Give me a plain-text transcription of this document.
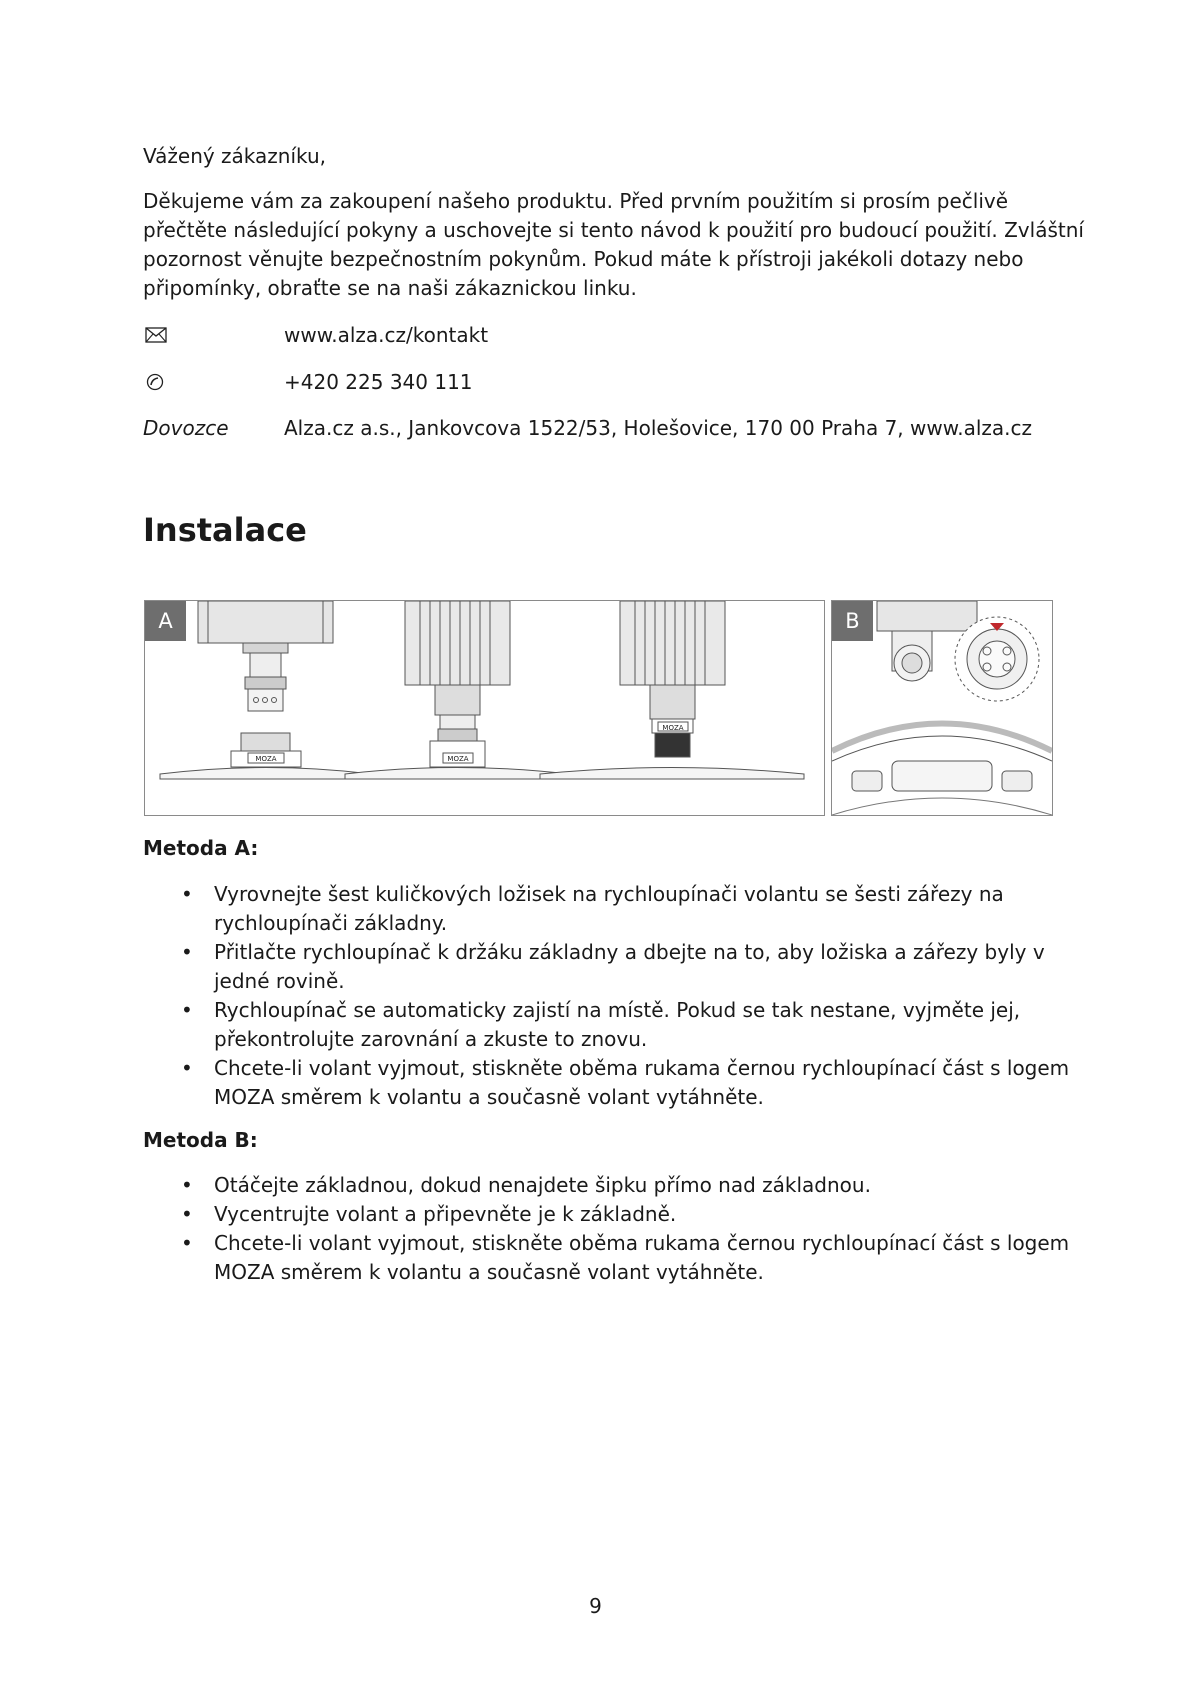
Vážený zákazníku,

Děkujeme vám za zakoupení našeho produktu. Před prvním použitím si prosím pečlivě
přečtěte následující pokyny a uschovejte si tento návod k použití pro budoucí použití. Zvláštní
pozornost věnujte bezpečnostním pokynům. Pokud máte k přístroji jakékoli dotazy nebo
připomínky, obraťte se na naši zákaznickou linku.
www.alza.cz/kontakt
+420 225 340 111
Dovozce	Alza.cz a.s., Jankovcova 1522/53, Holešovice, 170 00 Praha 7, www.alza.cz
Instalace
MOZA	MOZA
MOZA
A	B
Metoda A:
• Vyrovnejte šest kuličkových ložisek na rychloupínači volantu se šesti zářezy na
rychloupínači základny.
• Přitlačte rychloupínač k držáku základny a dbejte na to, aby ložiska a zářezy byly v
jedné rovině.
• Rychloupínač se automaticky zajistí na místě. Pokud se tak nestane, vyjměte jej,
překontrolujte zarovnání a zkuste to znovu.
• Chcete-li volant vyjmout, stiskněte oběma rukama černou rychloupínací část s logem
MOZA směrem k volantu a současně volant vytáhněte.
Metoda B:
• Otáčejte základnou, dokud nenajdete šipku přímo nad základnou.
• Vycentrujte volant a připevněte je k základně.
• Chcete-li volant vyjmout, stiskněte oběma rukama černou rychloupínací část s logem
MOZA směrem k volantu a současně volant vytáhněte.
9
